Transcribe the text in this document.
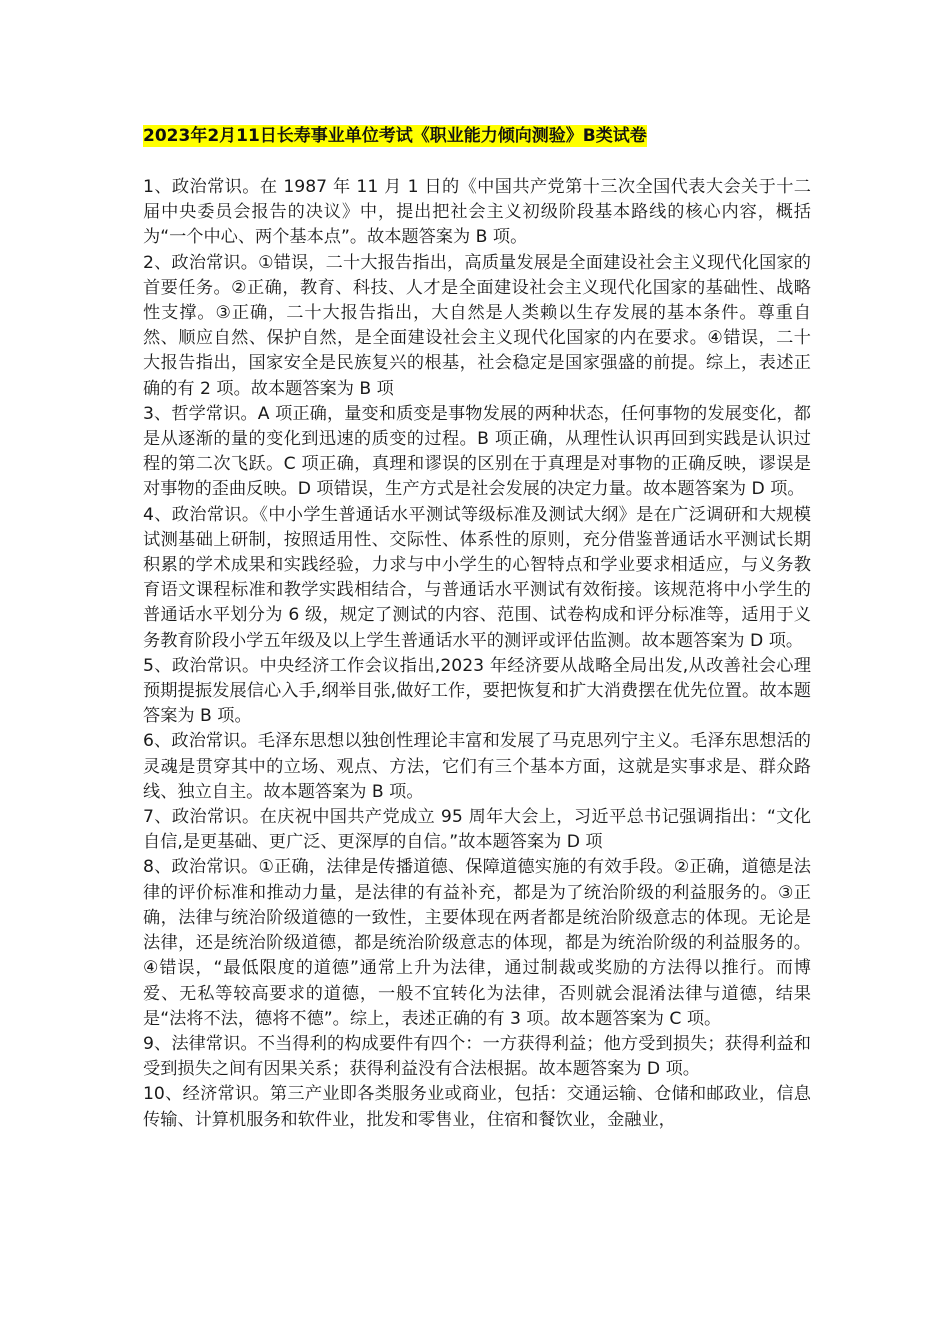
2023年2月11日长寿事业单位考试《职业能力倾向测验》B类试卷

1、政治常识。在 1987 年 11 月 1 日的《中国共产党第十三次全国代表大会关于十二届中央委员会报告的决议》中，提出把社会主义初级阶段基本路线的核心内容，概括为“一个中心、两个基本点”。故本题答案为 B 项。

2、政治常识。①错误，二十大报告指出，高质量发展是全面建设社会主义现代化国家的首要任务。②正确，教育、科技、人才是全面建设社会主义现代化国家的基础性、战略性支撑。③正确，二十大报告指出，大自然是人类赖以生存发展的基本条件。尊重自然、顺应自然、保护自然，是全面建设社会主义现代化国家的内在要求。④错误，二十大报告指出，国家安全是民族复兴的根基，社会稳定是国家强盛的前提。综上，表述正确的有 2 项。故本题答案为 B 项

3、哲学常识。A 项正确，量变和质变是事物发展的两种状态，任何事物的发展变化，都是从逐渐的量的变化到迅速的质变的过程。B 项正确，从理性认识再回到实践是认识过程的第二次飞跃。C 项正确，真理和谬误的区别在于真理是对事物的正确反映，谬误是对事物的歪曲反映。D 项错误，生产方式是社会发展的决定力量。故本题答案为 D 项。

4、政治常识。《中小学生普通话水平测试等级标准及测试大纲》是在广泛调研和大规模试测基础上研制，按照适用性、交际性、体系性的原则，充分借鉴普通话水平测试长期积累的学术成果和实践经验，力求与中小学生的心智特点和学业要求相适应，与义务教育语文课程标准和教学实践相结合，与普通话水平测试有效衔接。该规范将中小学生的普通话水平划分为 6 级，规定了测试的内容、范围、试卷构成和评分标准等，适用于义务教育阶段小学五年级及以上学生普通话水平的测评或评估监测。故本题答案为 D 项。

5、政治常识。中央经济工作会议指出,2023 年经济要从战略全局出发,从改善社会心理预期提振发展信心入手,纲举目张,做好工作，要把恢复和扩大消费摆在优先位置。故本题答案为 B 项。

6、政治常识。毛泽东思想以独创性理论丰富和发展了马克思列宁主义。毛泽东思想活的灵魂是贯穿其中的立场、观点、方法，它们有三个基本方面，这就是实事求是、群众路线、独立自主。故本题答案为 B 项。

7、政治常识。在庆祝中国共产党成立 95 周年大会上，习近平总书记强调指出：“文化自信,是更基础、更广泛、更深厚的自信。”故本题答案为 D 项

8、政治常识。①正确，法律是传播道德、保障道德实施的有效手段。②正确，道德是法律的评价标准和推动力量，是法律的有益补充，都是为了统治阶级的利益服务的。③正确，法律与统治阶级道德的一致性，主要体现在两者都是统治阶级意志的体现。无论是法律，还是统治阶级道德，都是统治阶级意志的体现，都是为统治阶级的利益服务的。④错误，“最低限度的道德”通常上升为法律，通过制裁或奖励的方法得以推行。而博爱、无私等较高要求的道德，一般不宜转化为法律，否则就会混淆法律与道德，结果是“法将不法，德将不德”。综上，表述正确的有 3 项。故本题答案为 C 项。

9、法律常识。不当得利的构成要件有四个：一方获得利益；他方受到损失；获得利益和受到损失之间有因果关系；获得利益没有合法根据。故本题答案为 D 项。

10、经济常识。第三产业即各类服务业或商业，包括：交通运输、仓储和邮政业，信息传输、计算机服务和软件业，批发和零售业，住宿和餐饮业，金融业，
